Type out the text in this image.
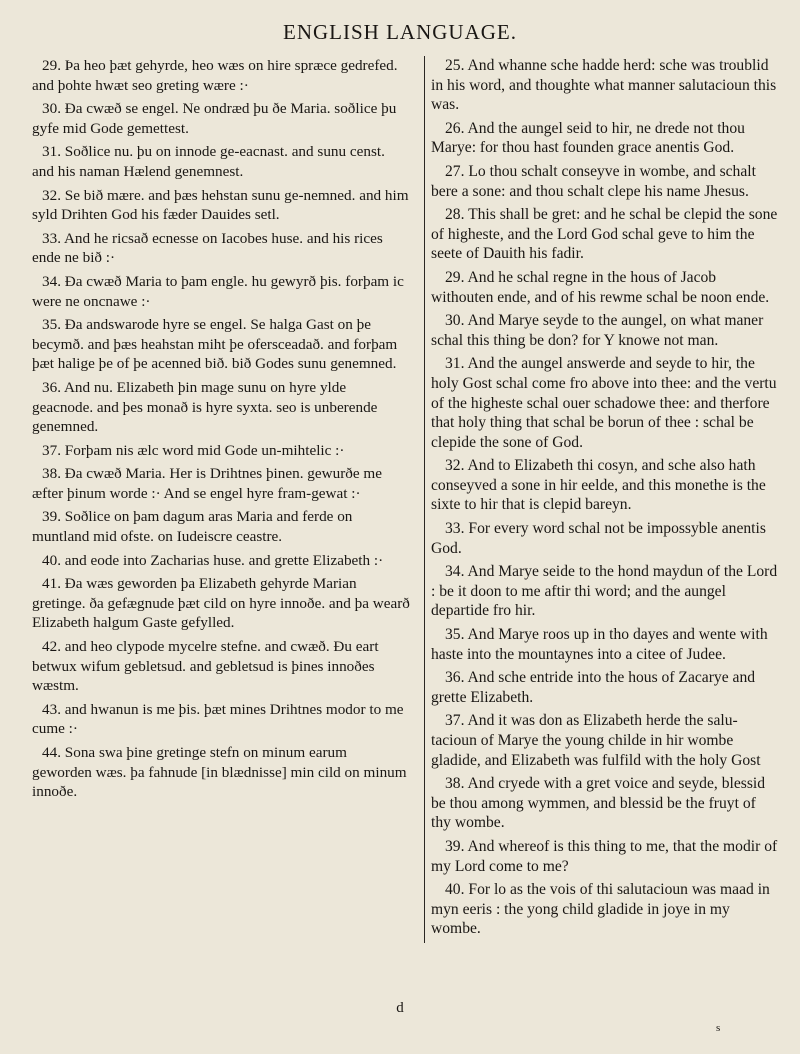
ENGLISH LANGUAGE.

29. Þa heo þæt gehyrde, heo wæs on hire spræce gedrefed. and þohte hwæt seo greting wære :·

30. Ða cwæð se engel. Ne ondræd þu ðe Maria. soðlice þu gyfe mid Gode gemettest.

31. Soðlice nu. þu on innode ge-eacnast. and sunu censt. and his naman Hælend genemnest.

32. Se bið mære. and þæs hehstan sunu ge-nemned. and him syld Drihten God his fæder Dauides setl.

33. And he ricsað ecnesse on Iacobes huse. and his rices ende ne bið :·

34. Ða cwæð Maria to þam engle. hu gewyrð þis. forþam ic were ne oncnawe :·

35. Ða andswarode hyre se engel. Se halga Gast on þe becymð. and þæs heahstan miht þe ofersceadað. and forþam þæt halige þe of þe acenned bið. bið Godes sunu genemned.

36. And nu. Elizabeth þin mage sunu on hyre ylde geacnode. and þes monað is hyre syxta. seo is unberende genemned.

37. Forþam nis ælc word mid Gode un-mihtelic :·

38. Ða cwæð Maria. Her is Drihtnes þinen. gewurðe me æfter þinum worde :· And se engel hyre fram-gewat :·

39. Soðlice on þam dagum aras Maria and ferde on muntland mid ofste. on Iudeiscre ceastre.

40. and eode into Zacharias huse. and grette Elizabeth :·

41. Ða wæs geworden þa Elizabeth gehyrde Marian gretinge. ða gefægnude þæt cild on hyre innoðe. and þa wearð Elizabeth halgum Gaste gefylled.

42. and heo clypode mycelre stefne. and cwæð. Ðu eart betwux wifum gebletsud. and gebletsud is þines innoðes wæstm.

43. and hwanun is me þis. þæt mines Drihtnes modor to me cume :·

44. Sona swa þine gretinge stefn on minum earum geworden wæs. þa fahnude [in blædnisse] min cild on minum innoðe.

25. And whanne sche hadde herd: sche was troublid in his word, and thoughte what manner salutacioun this was.

26. And the aungel seid to hir, ne drede not thou Marye: for thou hast founden grace anentis God.

27. Lo thou schalt conseyve in wombe, and schalt bere a sone: and thou schalt clepe his name Jhesus.

28. This shall be gret: and he schal be clepid the sone of higheste, and the Lord God schal geve to him the seete of Dauith his fadir.

29. And he schal regne in the hous of Jacob withouten ende, and of his rewme schal be noon ende.

30. And Marye seyde to the aungel, on what maner schal this thing be don? for Y knowe not man.

31. And the aungel answerde and seyde to hir, the holy Gost schal come fro above into thee: and the vertu of the higheste schal ouer schadowe thee: and therfore that holy thing that schal be borun of thee : schal be clepide the sone of God.

32. And to Elizabeth thi cosyn, and sche also hath conseyved a sone in hir eelde, and this monethe is the sixte to hir that is clepid bareyn.

33. For every word schal not be impossyble anentis God.

34. And Marye seide to the hond maydun of the Lord : be it doon to me aftir thi word; and the aungel departide fro hir.

35. And Marye roos up in tho dayes and wente with haste into the mountaynes into a citee of Judee.

36. And sche entride into the hous of Zacarye and grette Elizabeth.

37. And it was don as Elizabeth herde the salu-tacioun of Marye the young childe in hir wombe gladide, and Elizabeth was fulfild with the holy Gost

38. And cryede with a gret voice and seyde, blessid be thou among wymmen, and blessid be the fruyt of thy wombe.

39. And whereof is this thing to me, that the modir of my Lord come to me?

40. For lo as the vois of thi salutacioun was maad in myn eeris : the yong child gladide in joye in my wombe.

d
s
